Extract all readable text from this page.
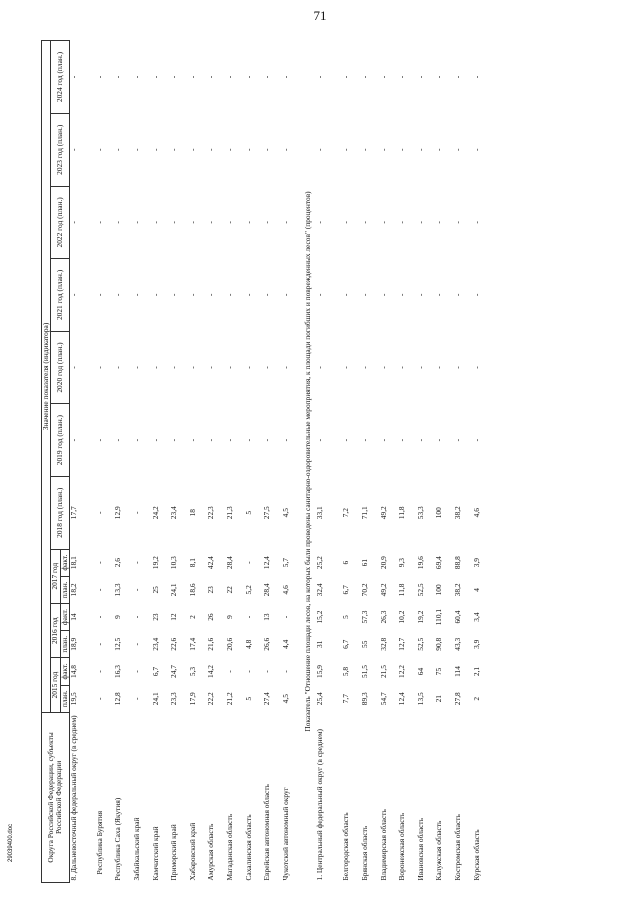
71
Округа Российской Федерации, субъекты Российской Федерации	Значение показателя (индикатора)												
	2015 год		2016 год		2017 год		2018 год (план.)	2019 год (план.)	2020 год (план.)	2021 год (план.)	2022 год (план.)	2023 год (план.)	2024 год (план.)
	план.	факт.	план.	факт.	план.	факт.							
8. Дальневосточный федеральный округ (в среднем)	19,5	14,8	18,9	14	18,2	18,1	17,7	-	-	-	-	-	-
Республика Бурятия	-	-	-	-	-	-	-	-	-	-	-	-	-
Республика Саха (Якутия)	12,8	16,3	12,5	9	13,3	2,6	12,9	-	-	-	-	-	-
Забайкальский край	-	-	-	-	-	-	-	-	-	-	-	-	-
Камчатский край	24,1	6,7	23,4	23	25	19,2	24,2	-	-	-	-	-	-
Приморский край	23,3	24,7	22,6	12	24,1	10,3	23,4	-	-	-	-	-	-
Хабаровский край	17,9	5,3	17,4	2	18,6	8,1	18	-	-	-	-	-	-
Амурская область	22,2	14,2	21,6	26	23	42,4	22,3	-	-	-	-	-	-
Магаданская область	21,2	-	20,6	9	22	28,4	21,3	-	-	-	-	-	-
Сахалинская область	5	-	4,8	-	5,2	-	5	-	-	-	-	-	-
Еврейская автономная область	27,4	-	26,6	13	28,4	12,4	27,5	-	-	-	-	-	-
Чукотский автономный округ	4,5	-	4,4	-	4,6	5,7	4,5	-	-	-	-	-	-
Показатель "Отношение площади лесов, на которых были проведены санитарно-оздоровительные мероприятия, к площади погибших и поврежденных лесов" (процентов)													
1. Центральный федеральный округ (в среднем)	25,4	15,9	31	15,2	32,4	25,2	33,1	-	-	-	-	-	-
Белгородская область	7,7	5,8	6,7	5	6,7	6	7,2	-	-	-	-	-	-
Брянская область	89,3	51,5	55	57,3	70,2	61	71,1	-	-	-	-	-	-
Владимирская область	54,7	21,5	32,8	26,3	49,2	20,9	49,2	-	-	-	-	-	-
Воронежская область	12,4	12,2	12,7	10,2	11,8	9,3	11,8	-	-	-	-	-	-
Ивановская область	13,5	64	52,5	19,2	52,5	19,6	53,3	-	-	-	-	-	-
Калужская область	21	75	90,8	110,1	100	69,4	100	-	-	-	-	-	-
Костромская область	27,8	114	43,3	60,4	38,2	88,8	38,2	-	-	-	-	-	-
Курская область	2	2,1	3,9	3,4	4	3,9	4,6	-	-	-	-	-	-
29039400.doc
